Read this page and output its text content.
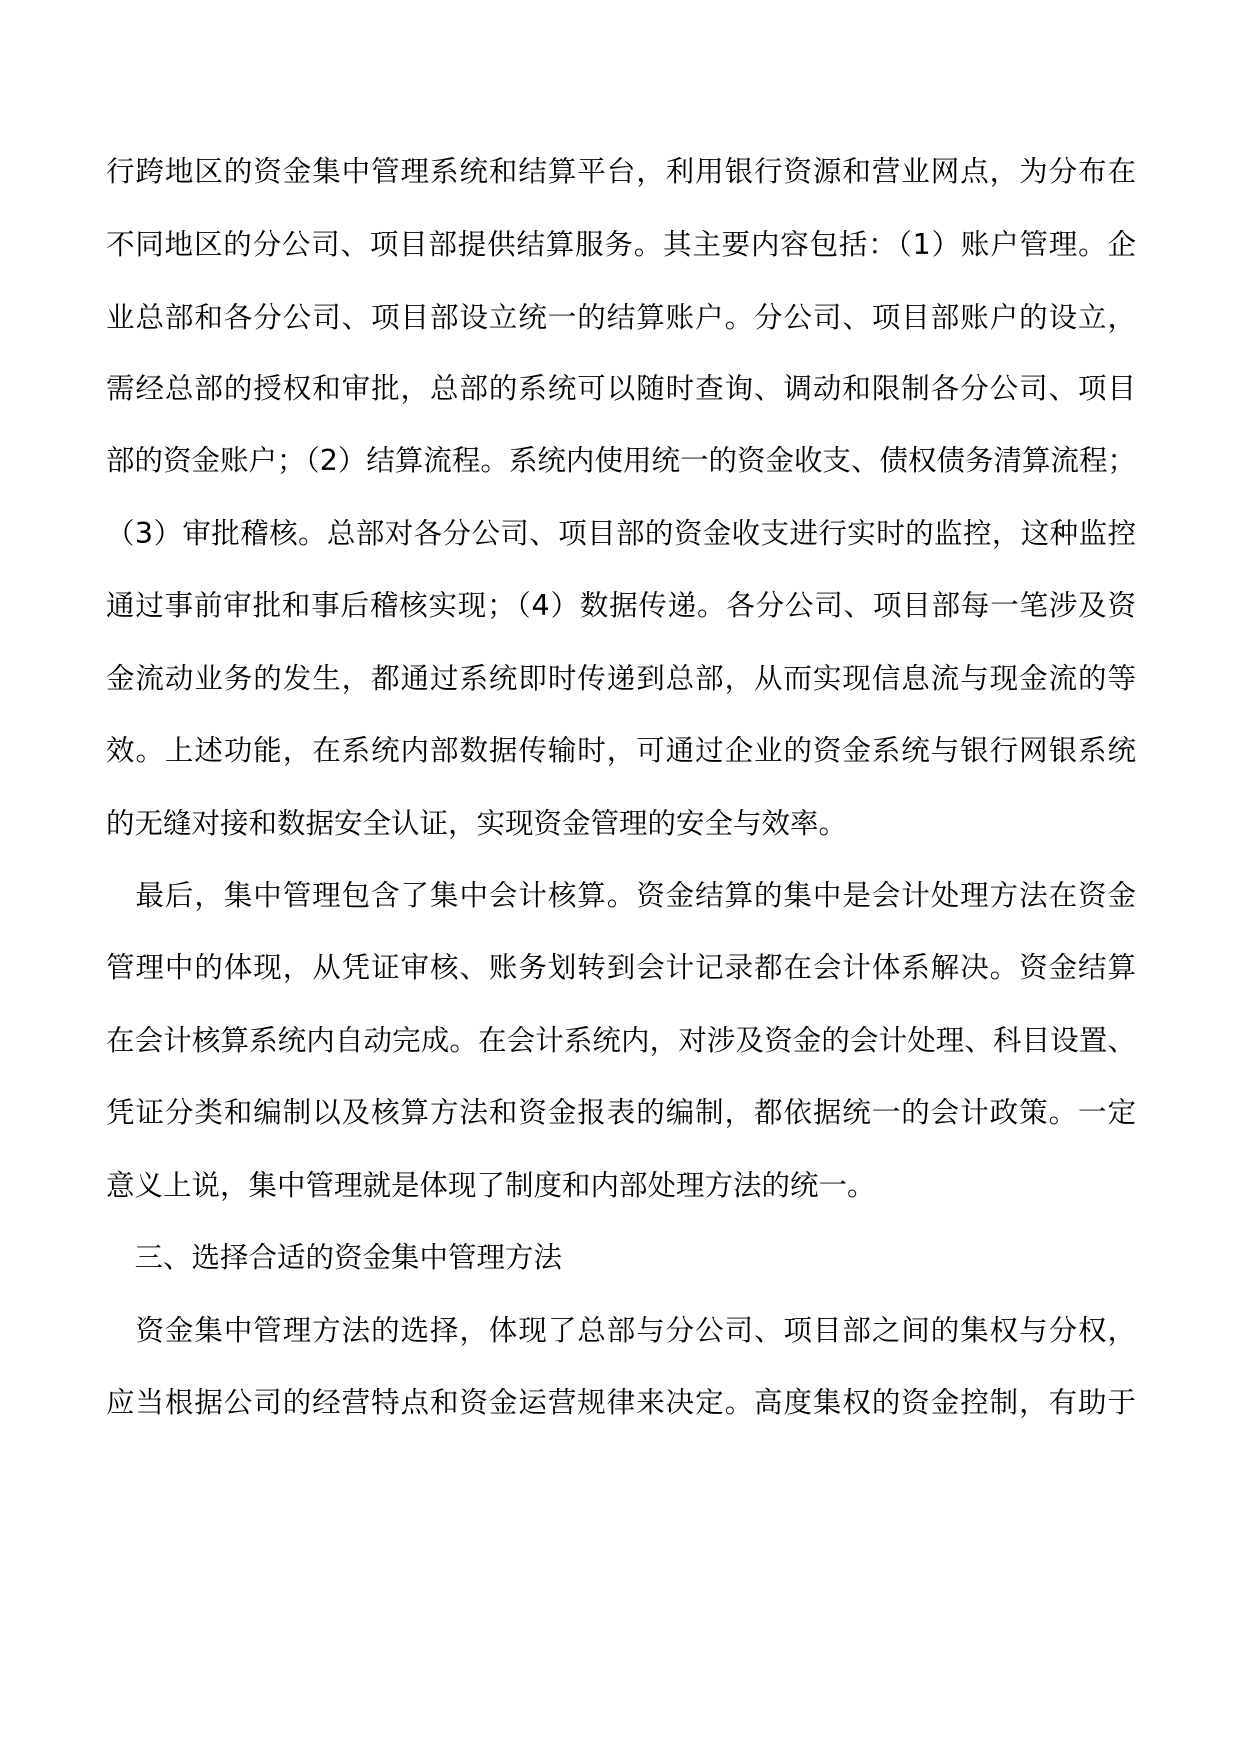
行跨地区的资金集中管理系统和结算平台，利用银行资源和营业网点，为分布在
不同地区的分公司、项目部提供结算服务。其主要内容包括：（1）账户管理。企
业总部和各分公司、项目部设立统一的结算账户。分公司、项目部账户的设立，
需经总部的授权和审批，总部的系统可以随时查询、调动和限制各分公司、项目
部的资金账户；（2）结算流程。系统内使用统一的资金收支、债权债务清算流程；
（3）审批稽核。总部对各分公司、项目部的资金收支进行实时的监控，这种监控
通过事前审批和事后稽核实现；（4）数据传递。各分公司、项目部每一笔涉及资
金流动业务的发生，都通过系统即时传递到总部，从而实现信息流与现金流的等
效。上述功能，在系统内部数据传输时，可通过企业的资金系统与银行网银系统
的无缝对接和数据安全认证，实现资金管理的安全与效率。
　最后，集中管理包含了集中会计核算。资金结算的集中是会计处理方法在资金
管理中的体现，从凭证审核、账务划转到会计记录都在会计体系解决。资金结算
在会计核算系统内自动完成。在会计系统内，对涉及资金的会计处理、科目设置、
凭证分类和编制以及核算方法和资金报表的编制，都依据统一的会计政策。一定
意义上说，集中管理就是体现了制度和内部处理方法的统一。
　三、选择合适的资金集中管理方法
　资金集中管理方法的选择，体现了总部与分公司、项目部之间的集权与分权，
应当根据公司的经营特点和资金运营规律来决定。高度集权的资金控制，有助于
